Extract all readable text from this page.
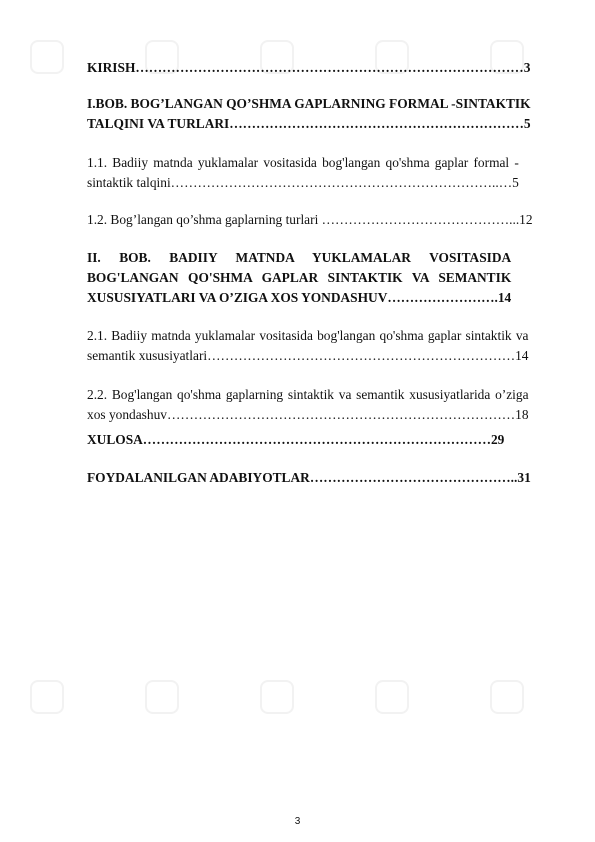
KIRISH……………………………………………………………………………3
I.BOB. BOG’LANGAN QO’SHMA GAPLARNING FORMAL -SINTAKTIK
TALQINI VA TURLARI…………………………………………………………5
1.1. Badiiy matnda yuklamalar vositasida bog'langan qo'shma gaplar formal -
sintaktik talqini………………………………………………………………..…5
1.2. Bog’langan qo’shma gaplarning turlari ……………………………………...12
II. BOB. BADIIY MATNDA YUKLAMALAR VOSITASIDA
BOG'LANGAN QO'SHMA GAPLAR SINTAKTIK VA SEMANTIK
XUSUSIYATLARI VA O’ZIGA XOS YONDASHUV…………………….14
2.1. Badiiy matnda yuklamalar vositasida bog'langan qo'shma gaplar sintaktik va
semantik xususiyatlari……………………………………………………………14
2.2. Bog'langan qo'shma gaplarning sintaktik va semantik xususiyatlarida o’ziga
xos yondashuv……………………………………………………………………18
XULOSA……………………………………………………………………29
FOYDALANILGAN ADABIYOTLAR………………………………………..31
3
